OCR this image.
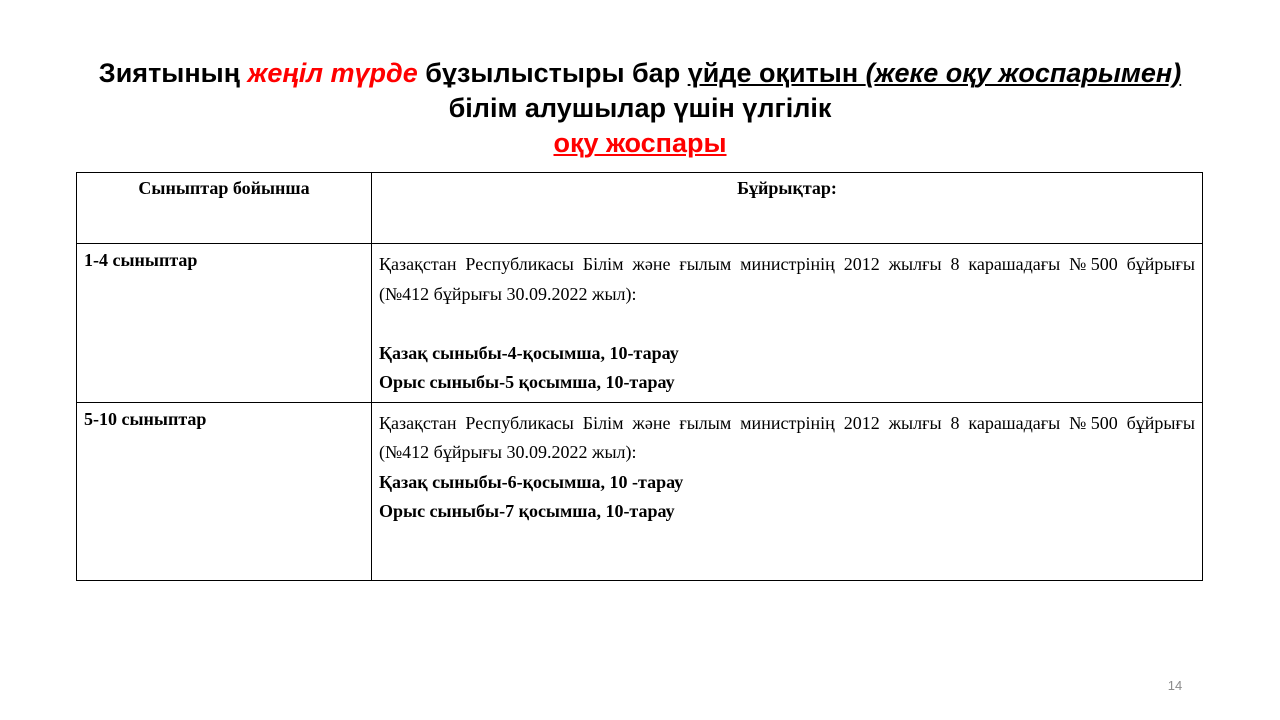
Зиятының жеңіл түрде бұзылыстыры бар үйде оқитын (жеке оқу жоспарымен) білім алушылар үшін үлгілік
оқу жоспары
Сыныптар бойынша	Бұйрықтар:
1-4 сыныптар	Қазақстан Республикасы Білім және ғылым министрінің 2012 жылғы 8 карашадағы №500 бұйрығы (№412 бұйрығы 30.09.2022 жыл):

Қазақ сыныбы-4-қосымша, 10-тарау

Орыс сыныбы-5 қосымша, 10-тарау

5-10 сыныптар	Қазақстан Республикасы Білім және ғылым министрінің 2012 жылғы 8 карашадағы №500 бұйрығы (№412 бұйрығы 30.09.2022 жыл):

Қазақ сыныбы-6-қосымша, 10 -тарау

Орыс сыныбы-7 қосымша, 10-тарау

14
